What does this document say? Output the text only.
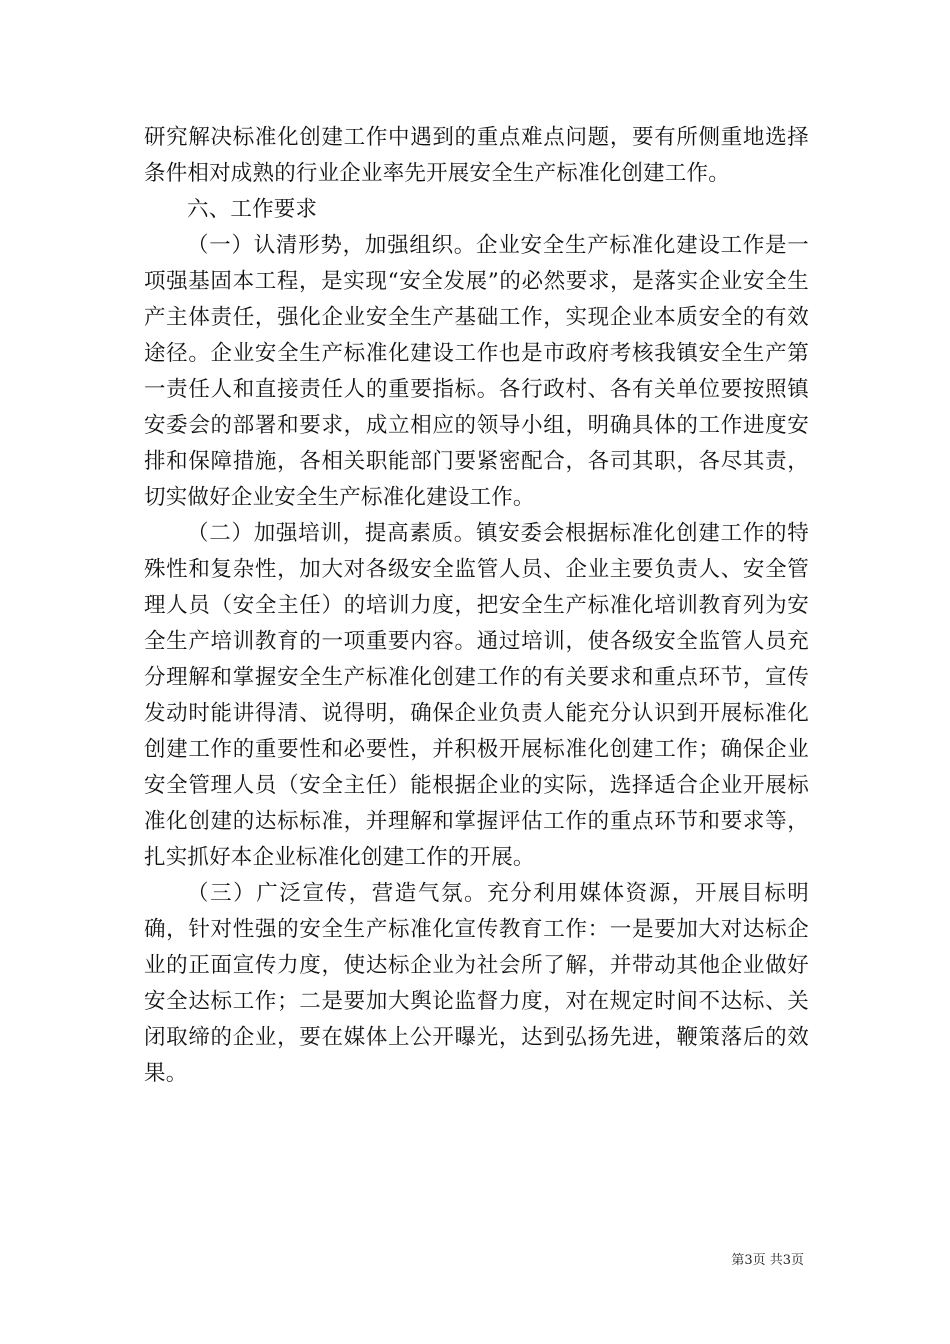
研究解决标准化创建工作中遇到的重点难点问题，要有所侧重地选择条件相对成熟的行业企业率先开展安全生产标准化创建工作。

六、工作要求

（一）认清形势，加强组织。企业安全生产标准化建设工作是一项强基固本工程，是实现“安全发展”的必然要求，是落实企业安全生产主体责任，强化企业安全生产基础工作，实现企业本质安全的有效途径。企业安全生产标准化建设工作也是市政府考核我镇安全生产第一责任人和直接责任人的重要指标。各行政村、各有关单位要按照镇安委会的部署和要求，成立相应的领导小组，明确具体的工作进度安排和保障措施，各相关职能部门要紧密配合，各司其职，各尽其责，切实做好企业安全生产标准化建设工作。

（二）加强培训，提高素质。镇安委会根据标准化创建工作的特殊性和复杂性，加大对各级安全监管人员、企业主要负责人、安全管理人员（安全主任）的培训力度，把安全生产标准化培训教育列为安全生产培训教育的一项重要内容。通过培训，使各级安全监管人员充分理解和掌握安全生产标准化创建工作的有关要求和重点环节，宣传发动时能讲得清、说得明，确保企业负责人能充分认识到开展标准化创建工作的重要性和必要性，并积极开展标准化创建工作；确保企业安全管理人员（安全主任）能根据企业的实际，选择适合企业开展标准化创建的达标标准，并理解和掌握评估工作的重点环节和要求等，扎实抓好本企业标准化创建工作的开展。

（三）广泛宣传，营造气氛。充分利用媒体资源，开展目标明确，针对性强的安全生产标准化宣传教育工作：一是要加大对达标企业的正面宣传力度，使达标企业为社会所了解，并带动其他企业做好安全达标工作；二是要加大舆论监督力度，对在规定时间不达标、关闭取缔的企业，要在媒体上公开曝光，达到弘扬先进，鞭策落后的效果。

第3页 共3页
